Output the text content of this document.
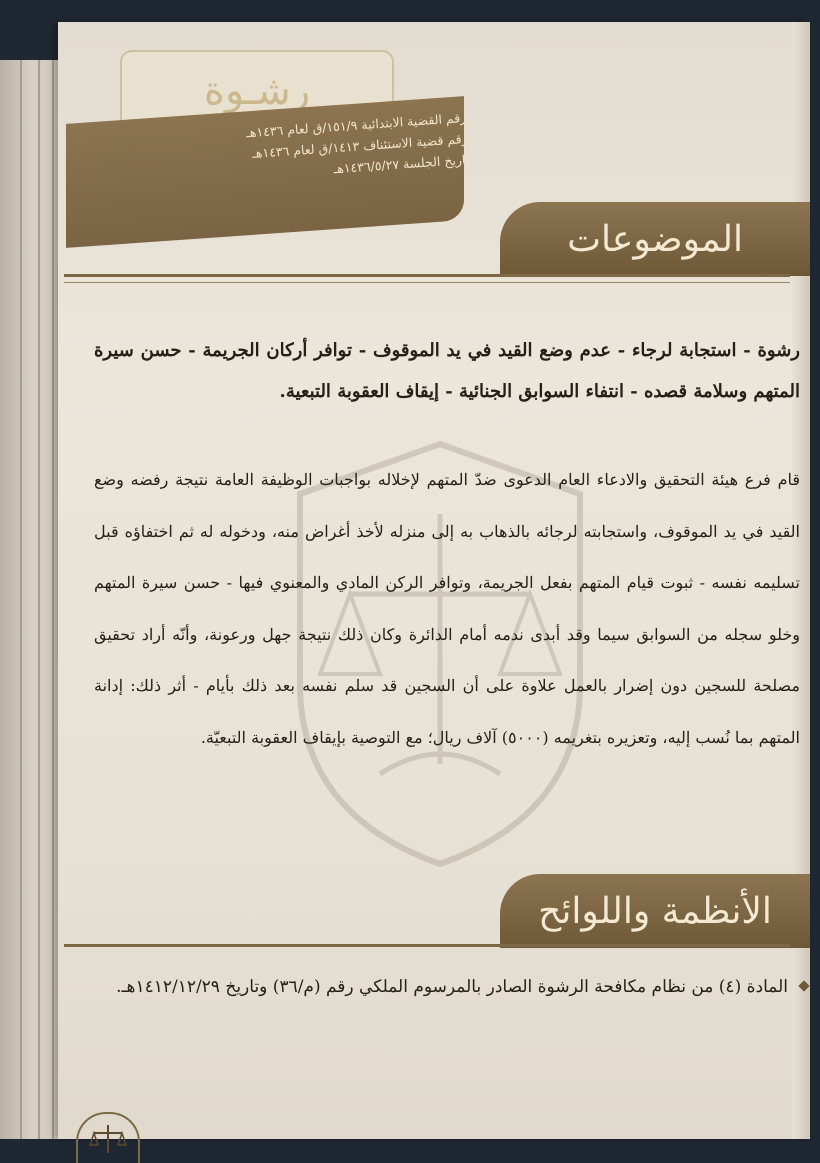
رشـوة
رقم القضية الابتدائية ١٥١/٩/ق لعام ١٤٣٦هـ
رقم قضية الاستئناف ١٤١٣/ق لعام ١٤٣٦هـ
تاريخ الجلسة ١٤٣٦/٥/٢٧هـ
الموضوعات
رشوة - استجابة لرجاء - عدم وضع القيد في يد الموقوف - توافر أركان الجريمة - حسن سيرة المتهم وسلامة قصده - انتفاء السوابق الجنائية - إيقاف العقوبة التبعية.
قام فرع هيئة التحقيق والادعاء العام الدعوى ضدّ المتهم لإخلاله بواجبات الوظيفة العامة نتيجة رفضه وضع القيد في يد الموقوف، واستجابته لرجائه بالذهاب به إلى منزله لأخذ أغراض منه، ودخوله له ثم اختفاؤه قبل تسليمه نفسه - ثبوت قيام المتهم بفعل الجريمة، وتوافر الركن المادي والمعنوي فيها - حسن سيرة المتهم وخلو سجله من السوابق سيما وقد أبدى ندمه أمام الدائرة وكان ذلك نتيجة جهل ورعونة، وأنّه أراد تحقيق مصلحة للسجين دون إضرار بالعمل علاوة على أن السجين قد سلم نفسه بعد ذلك بأيام - أثر ذلك: إدانة المتهم بما نُسب إليه، وتعزيره بتغريمه (٥٠٠٠) آلاف ريال؛ مع التوصية بإيقاف العقوبة التبعيّة.
الأنظمة واللوائح
المادة (٤) من نظام مكافحة الرشوة الصادر بالمرسوم الملكي رقم (م/٣٦) وتاريخ ١٤١٢/١٢/٢٩هـ.
